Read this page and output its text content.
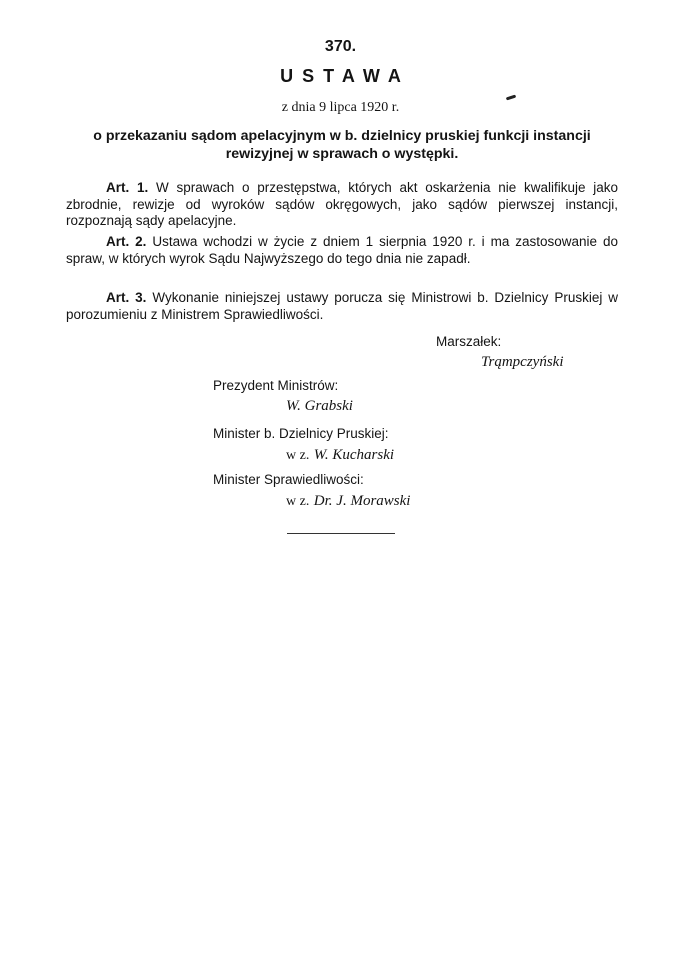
370.
USTAWA
z dnia 9 lipca 1920 r.
o przekazaniu sądom apelacyjnym w b. dzielnicy pruskiej funkcji instancji rewizyjnej w sprawach o występki.
Art. 1. W sprawach o przestępstwa, których akt oskarżenia nie kwalifikuje jako zbrodnie, rewizje od wyroków sądów okręgowych, jako sądów pierwszej instancji, rozpoznają sądy apelacyjne.
Art. 2. Ustawa wchodzi w życie z dniem 1 sierpnia 1920 r. i ma zastosowanie do spraw, w których wyrok Sądu Najwyższego do tego dnia nie zapadł.
Art. 3. Wykonanie niniejszej ustawy porucza się Ministrowi b. Dzielnicy Pruskiej w porozumieniu z Ministrem Sprawiedliwości.
Marszałek:
Trąmpczyński
Prezydent Ministrów:
W. Grabski
Minister b. Dzielnicy Pruskiej:
w z. W. Kucharski
Minister Sprawiedliwości:
w z. Dr. J. Morawski
